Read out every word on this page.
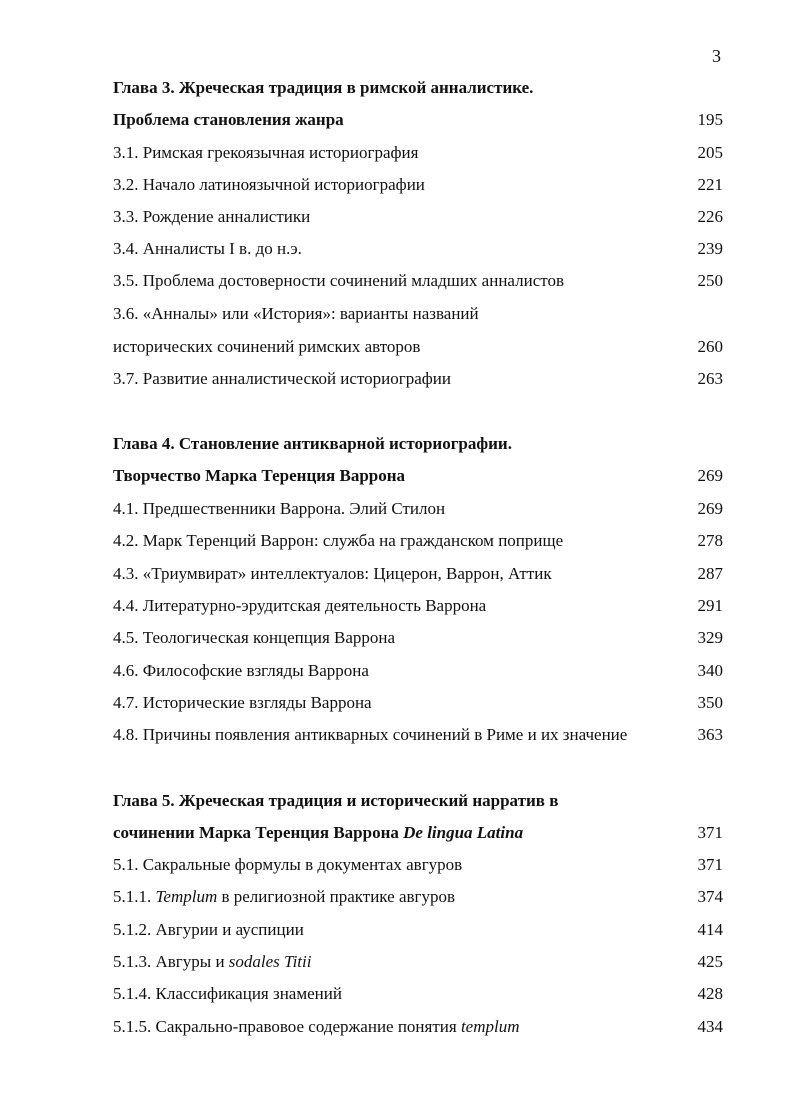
3
Глава 3. Жреческая традиция в римской анналистике.
Проблема становления жанра	195
3.1. Римская грекоязычная историография	205
3.2. Начало латиноязычной историографии	221
3.3. Рождение анналистики	226
3.4. Анналисты I в. до н.э.	239
3.5. Проблема достоверности сочинений младших анналистов	250
3.6. «Анналы» или «История»: варианты названий
исторических сочинений римских авторов	260
3.7. Развитие анналистической историографии	263
Глава 4. Становление антикварной историографии.
Творчество Марка Теренция Варрона	269
4.1. Предшественники Варрона. Элий Стилон	269
4.2. Марк Теренций Варрон: служба на гражданском поприще	278
4.3. «Триумвират» интеллектуалов: Цицерон, Варрон, Аттик	287
4.4. Литературно-эрудитская деятельность Варрона	291
4.5. Теологическая концепция Варрона	329
4.6. Философские взгляды Варрона	340
4.7. Исторические взгляды Варрона	350
4.8. Причины появления антикварных сочинений в Риме и их значение	363
Глава 5. Жреческая традиция и исторический нарратив в
сочинении Марка Теренция Варрона De lingua Latina	371
5.1. Сакральные формулы в документах авгуров	371
5.1.1. Templum в религиозной практике авгуров	374
5.1.2. Авгурии и ауспиции	414
5.1.3. Авгуры и sodales Titii	425
5.1.4. Классификация знамений	428
5.1.5. Сакрально-правовое содержание понятия templum	434
